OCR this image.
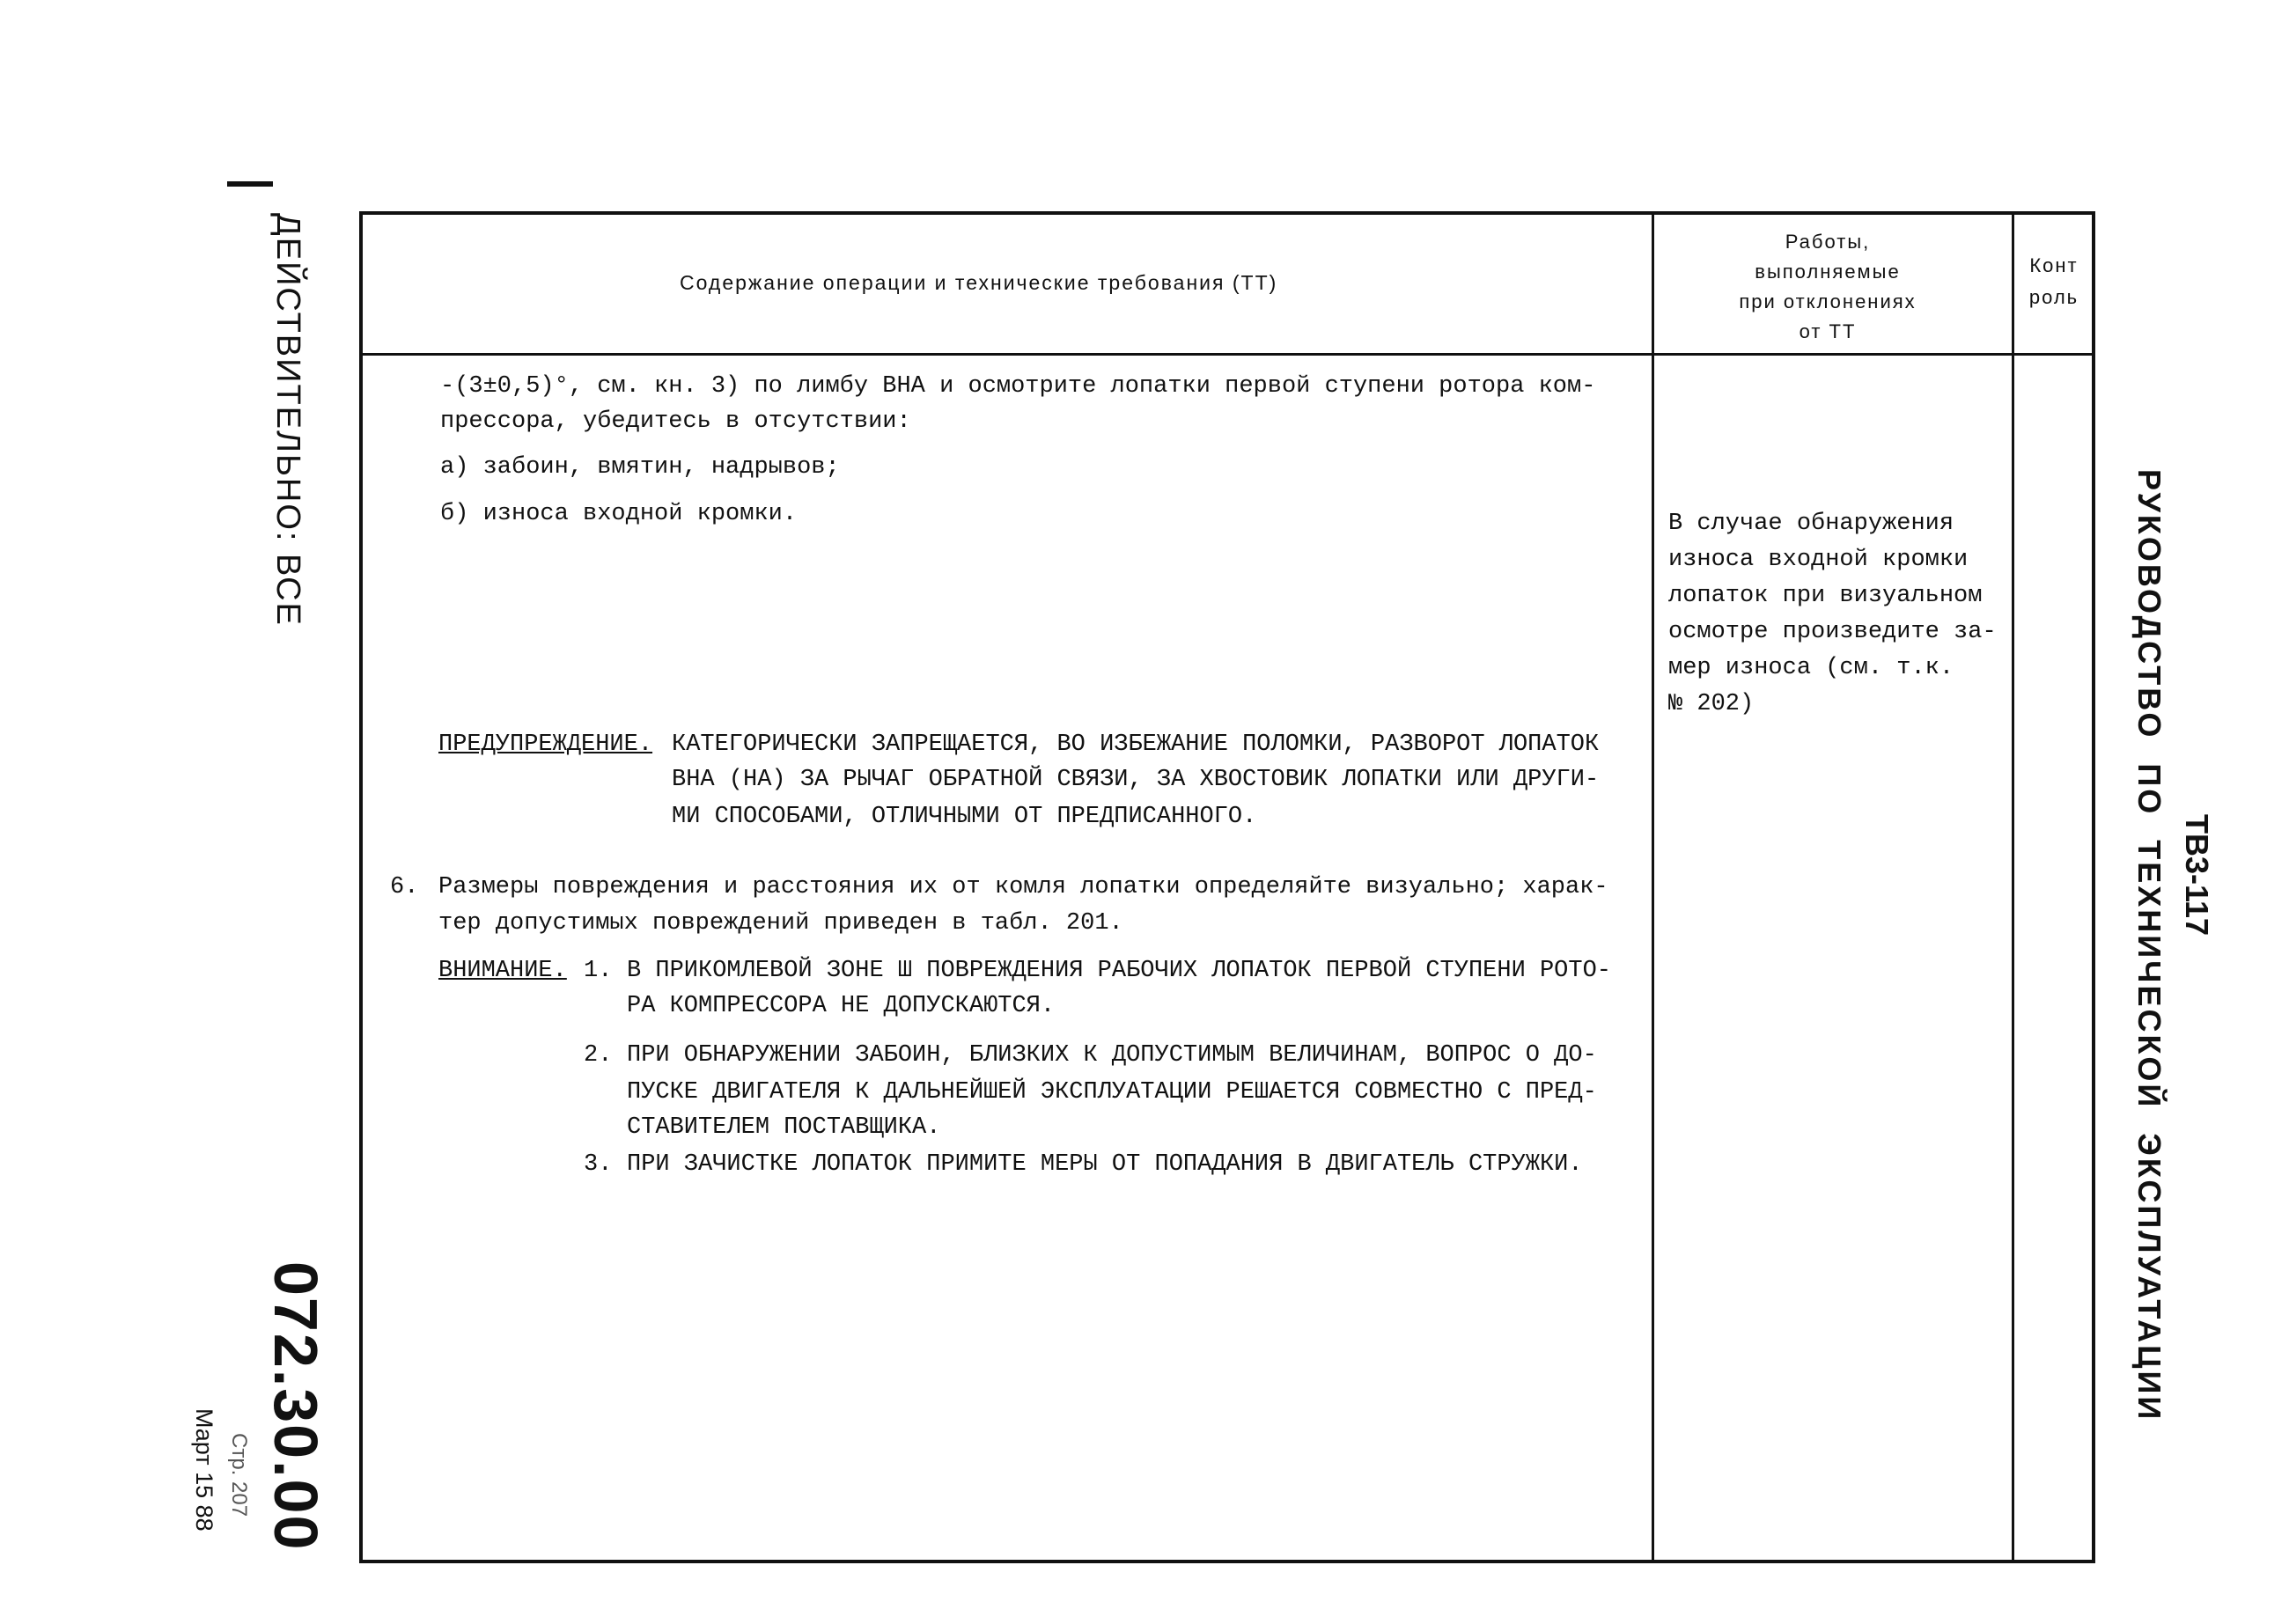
ДЕЙСТВИТЕЛЬНО: ВСЕ
072.30.00
Стр. 207
Март 15 88
РУКОВОДСТВО ПО ТЕХНИЧЕСКОЙ ЭКСПЛУАТАЦИИ ТВ3-117
Содержание операции и технические требования (ТТ)
Работы,
выполняемые
при отклонениях
от ТТ
Конт
роль
-(3±0,5)°, см. кн. 3) по лимбу ВНА и осмотрите лопатки первой ступени ротора ком-
прессора, убедитесь в отсутствии:
а) забоин, вмятин, надрывов;
б) износа входной кромки.
ПРЕДУПРЕЖДЕНИЕ. КАТЕГОРИЧЕСКИ ЗАПРЕЩАЕТСЯ, ВО ИЗБЕЖАНИЕ ПОЛОМКИ, РАЗВОРОТ ЛОПАТОК
ВНА (НА) ЗА РЫЧАГ ОБРАТНОЙ СВЯЗИ, ЗА ХВОСТОВИК ЛОПАТКИ ИЛИ ДРУГИ-
МИ СПОСОБАМИ, ОТЛИЧНЫМИ ОТ ПРЕДПИСАННОГО.
6. Размеры повреждения и расстояния их от комля лопатки определяйте визуально; харак-
тер допустимых повреждений приведен в табл. 201.
ВНИМАНИЕ. 1. В ПРИКОМЛЕВОЙ ЗОНЕ Ш ПОВРЕЖДЕНИЯ РАБОЧИХ ЛОПАТОК ПЕРВОЙ СТУПЕНИ РОТО-
РА КОМПРЕССОРА НЕ ДОПУСКАЮТСЯ.
2. ПРИ ОБНАРУЖЕНИИ ЗАБОИН, БЛИЗКИХ К ДОПУСТИМЫМ ВЕЛИЧИНАМ, ВОПРОС О ДО-
ПУСКЕ ДВИГАТЕЛЯ К ДАЛЬНЕЙШЕЙ ЭКСПЛУАТАЦИИ РЕШАЕТСЯ СОВМЕСТНО С ПРЕД-
СТАВИТЕЛЕМ ПОСТАВЩИКА.
3. ПРИ ЗАЧИСТКЕ ЛОПАТОК ПРИМИТЕ МЕРЫ ОТ ПОПАДАНИЯ В ДВИГАТЕЛЬ СТРУЖКИ.
В случае обнаружения
износа входной кромки
лопаток при визуальном
осмотре произведите за-
мер износа (см. т.к.
№ 202)
